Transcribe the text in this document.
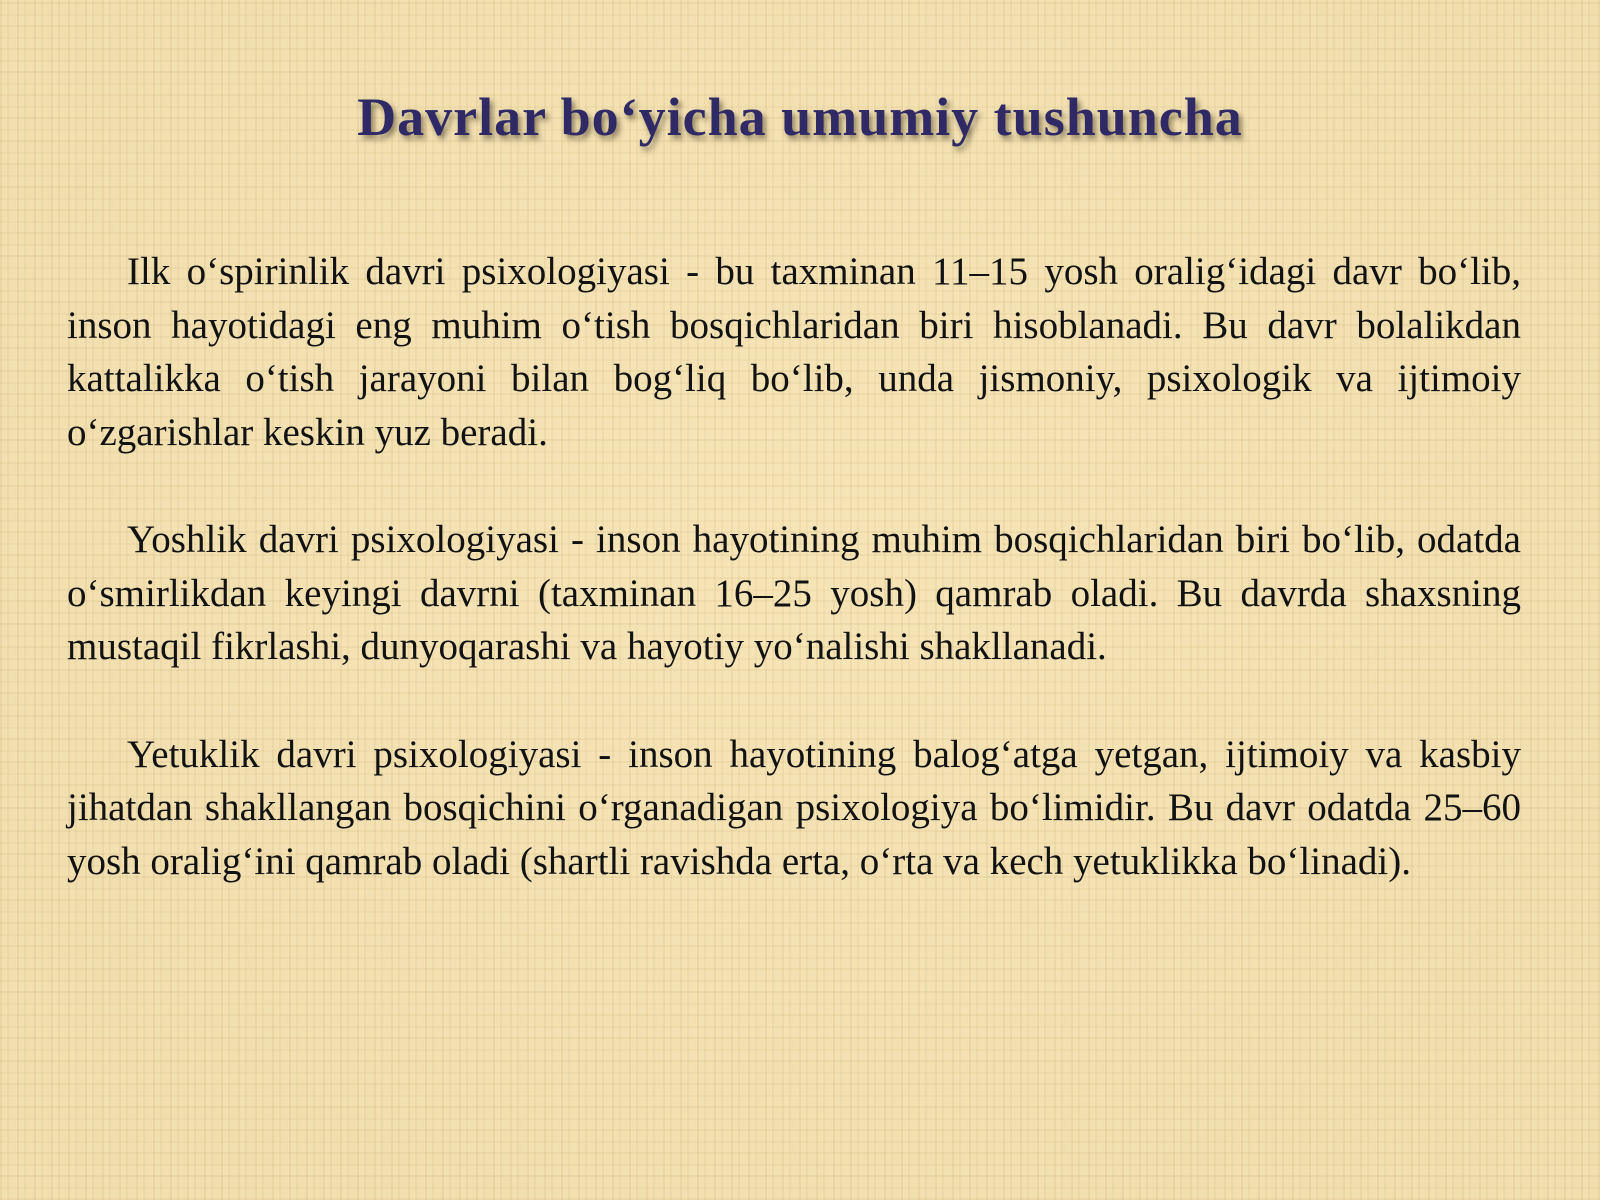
Davrlar bo‘yicha umumiy tushuncha

Ilk o‘spirinlik davri psixologiyasi - bu taxminan 11–15 yosh oralig‘idagi davr bo‘lib, inson hayotidagi eng muhim o‘tish bosqichlaridan biri hisoblanadi. Bu davr bolalikdan kattalikka o‘tish jarayoni bilan bog‘liq bo‘lib, unda jismoniy, psixologik va ijtimoiy o‘zgarishlar keskin yuz beradi.

Yoshlik davri psixologiyasi - inson hayotining muhim bosqichlaridan biri bo‘lib, odatda o‘smirlikdan keyingi davrni (taxminan 16–25 yosh) qamrab oladi. Bu davrda shaxsning mustaqil fikrlashi, dunyoqarashi va hayotiy yo‘nalishi shakllanadi.

Yetuklik davri psixologiyasi - inson hayotining balog‘atga yetgan, ijtimoiy va kasbiy jihatdan shakllangan bosqichini o‘rganadigan psixologiya bo‘limidir. Bu davr odatda 25–60 yosh oralig‘ini qamrab oladi (shartli ravishda erta, o‘rta va kech yetuklikka bo‘linadi).
